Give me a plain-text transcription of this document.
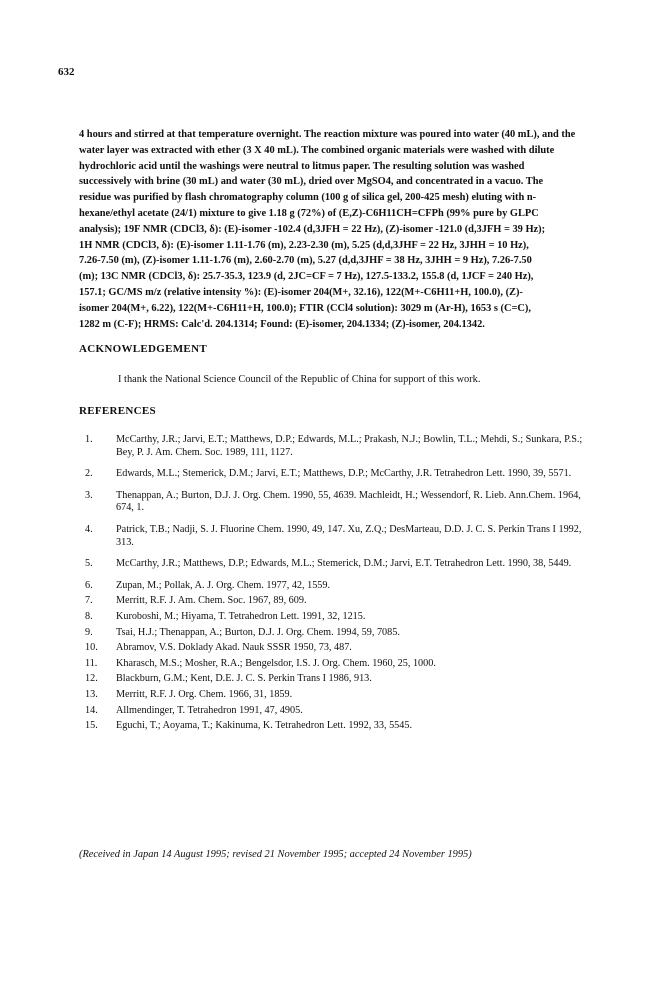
632
4 hours and stirred at that temperature overnight. The reaction mixture was poured into water (40 mL), and the
water layer was extracted with ether (3 X 40 mL). The combined organic materials were washed with dilute
hydrochloric acid until the washings were neutral to litmus paper. The resulting solution was washed
successively with brine (30 mL) and water (30 mL), dried over MgSO4, and concentrated in a vacuo. The
residue was purified by flash chromatography column (100 g of silica gel, 200-425 mesh) eluting with n-
hexane/ethyl acetate (24/1) mixture to give 1.18 g (72%) of (E,Z)-C6H11CH=CFPh (99% pure by GLPC
analysis); 19F NMR (CDCl3, δ): (E)-isomer -102.4 (d,3JFH = 22 Hz), (Z)-isomer -121.0 (d,3JFH = 39 Hz);
1H NMR (CDCl3, δ): (E)-isomer 1.11-1.76 (m), 2.23-2.30 (m), 5.25 (d,d,3JHF = 22 Hz, 3JHH = 10 Hz),
7.26-7.50 (m), (Z)-isomer 1.11-1.76 (m), 2.60-2.70 (m), 5.27 (d,d,3JHF = 38 Hz, 3JHH = 9 Hz), 7.26-7.50
(m); 13C NMR (CDCl3, δ): 25.7-35.3, 123.9 (d, 2JC=CF = 7 Hz), 127.5-133.2, 155.8 (d, 1JCF = 240 Hz),
157.1; GC/MS m/z (relative intensity %): (E)-isomer 204(M+, 32.16), 122(M+-C6H11+H, 100.0), (Z)-
isomer 204(M+, 6.22), 122(M+-C6H11+H, 100.0); FTIR (CCl4 solution): 3029 m (Ar-H), 1653 s (C=C),
1282 m (C-F); HRMS: Calc'd. 204.1314; Found: (E)-isomer, 204.1334; (Z)-isomer, 204.1342.
ACKNOWLEDGEMENT
I thank the National Science Council of the Republic of China for support of this work.
REFERENCES
1.	McCarthy, J.R.; Jarvi, E.T.; Matthews, D.P.; Edwards, M.L.; Prakash, N.J.; Bowlin, T.L.; Mehdi, S.; Sunkara, P.S.; Bey, P. J. Am. Chem. Soc. 1989, 111, 1127.
2.	Edwards, M.L.; Stemerick, D.M.; Jarvi, E.T.; Matthews, D.P.; McCarthy, J.R. Tetrahedron Lett. 1990, 39, 5571.
3.	Thenappan, A.; Burton, D.J. J. Org. Chem. 1990, 55, 4639. Machleidt, H.; Wessendorf, R. Lieb. Ann.Chem. 1964, 674, 1.
4.	Patrick, T.B.; Nadji, S. J. Fluorine Chem. 1990, 49, 147. Xu, Z.Q.; DesMarteau, D.D. J. C. S. Perkin Trans I 1992, 313.
5.	McCarthy, J.R.; Matthews, D.P.; Edwards, M.L.; Stemerick, D.M.; Jarvi, E.T. Tetrahedron Lett. 1990, 38, 5449.
6.	Zupan, M.; Pollak, A. J. Org. Chem. 1977, 42, 1559.
7.	Merritt, R.F. J. Am. Chem. Soc. 1967, 89, 609.
8.	Kuroboshi, M.; Hiyama, T. Tetrahedron Lett. 1991, 32, 1215.
9.	Tsai, H.J.; Thenappan, A.; Burton, D.J. J. Org. Chem. 1994, 59, 7085.
10.	Abramov, V.S. Doklady Akad. Nauk SSSR 1950, 73, 487.
11.	Kharasch, M.S.; Mosher, R.A.; Bengelsdor, I.S. J. Org. Chem. 1960, 25, 1000.
12.	Blackburn, G.M.; Kent, D.E. J. C. S. Perkin Trans I 1986, 913.
13.	Merritt, R.F. J. Org. Chem. 1966, 31, 1859.
14.	Allmendinger, T. Tetrahedron 1991, 47, 4905.
15.	Eguchi, T.; Aoyama, T.; Kakinuma, K. Tetrahedron Lett. 1992, 33, 5545.
(Received in Japan 14 August 1995; revised 21 November 1995; accepted 24 November 1995)
